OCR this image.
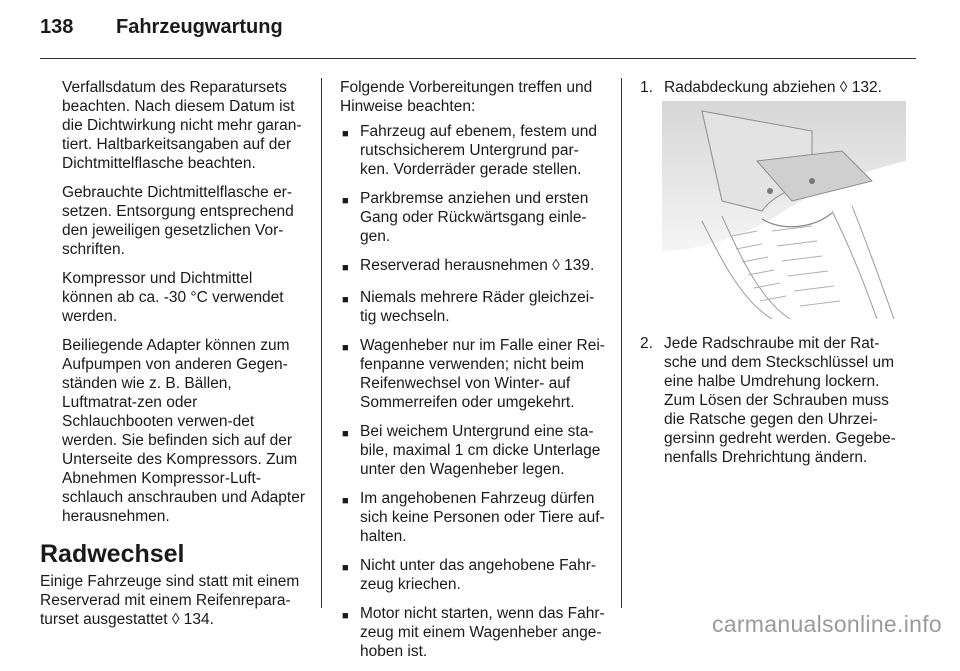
138 Fahrzeugwartung

Verfallsdatum des Reparatursets beachten. Nach diesem Datum ist die Dichtwirkung nicht mehr garan-tiert. Haltbarkeitsangaben auf der Dichtmittelflasche beachten.

Gebrauchte Dichtmittelflasche er-setzen. Entsorgung entsprechend den jeweiligen gesetzlichen Vor-schriften.

Kompressor und Dichtmittel können ab ca. -30 °C verwendet werden.

Beiliegende Adapter können zum Aufpumpen von anderen Gegen-ständen wie z. B. Bällen, Luftmatrat-zen oder Schlauchbooten verwen-det werden. Sie befinden sich auf der Unterseite des Kompressors. Zum Abnehmen Kompressor-Luft-schlauch anschrauben und Adapter herausnehmen.

Radwechsel

Einige Fahrzeuge sind statt mit einem Reserverad mit einem Reifenrepara-turset ausgestattet ◊ 134.

Folgende Vorbereitungen treffen und Hinweise beachten:

■ Fahrzeug auf ebenem, festem und rutschsicherem Untergrund par-ken. Vorderräder gerade stellen.
■ Parkbremse anziehen und ersten Gang oder Rückwärtsgang einle-gen.
■ Reserverad herausnehmen ◊ 139.
■ Niemals mehrere Räder gleichzei-tig wechseln.
■ Wagenheber nur im Falle einer Rei-fenpanne verwenden; nicht beim Reifenwechsel von Winter- auf Sommerreifen oder umgekehrt.
■ Bei weichem Untergrund eine sta-bile, maximal 1 cm dicke Unterlage unter den Wagenheber legen.
■ Im angehobenen Fahrzeug dürfen sich keine Personen oder Tiere auf-halten.
■ Nicht unter das angehobene Fahr-zeug kriechen.
■ Motor nicht starten, wenn das Fahr-zeug mit einem Wagenheber ange-hoben ist.
1. Radabdeckung abziehen ◊ 132.
2. Jede Radschraube mit der Rat-sche und dem Steckschlüssel um eine halbe Umdrehung lockern. Zum Lösen der Schrauben muss die Ratsche gegen den Uhrzei-gersinn gedreht werden. Gegebe-nenfalls Drehrichtung ändern.
carmanualsonline.info
